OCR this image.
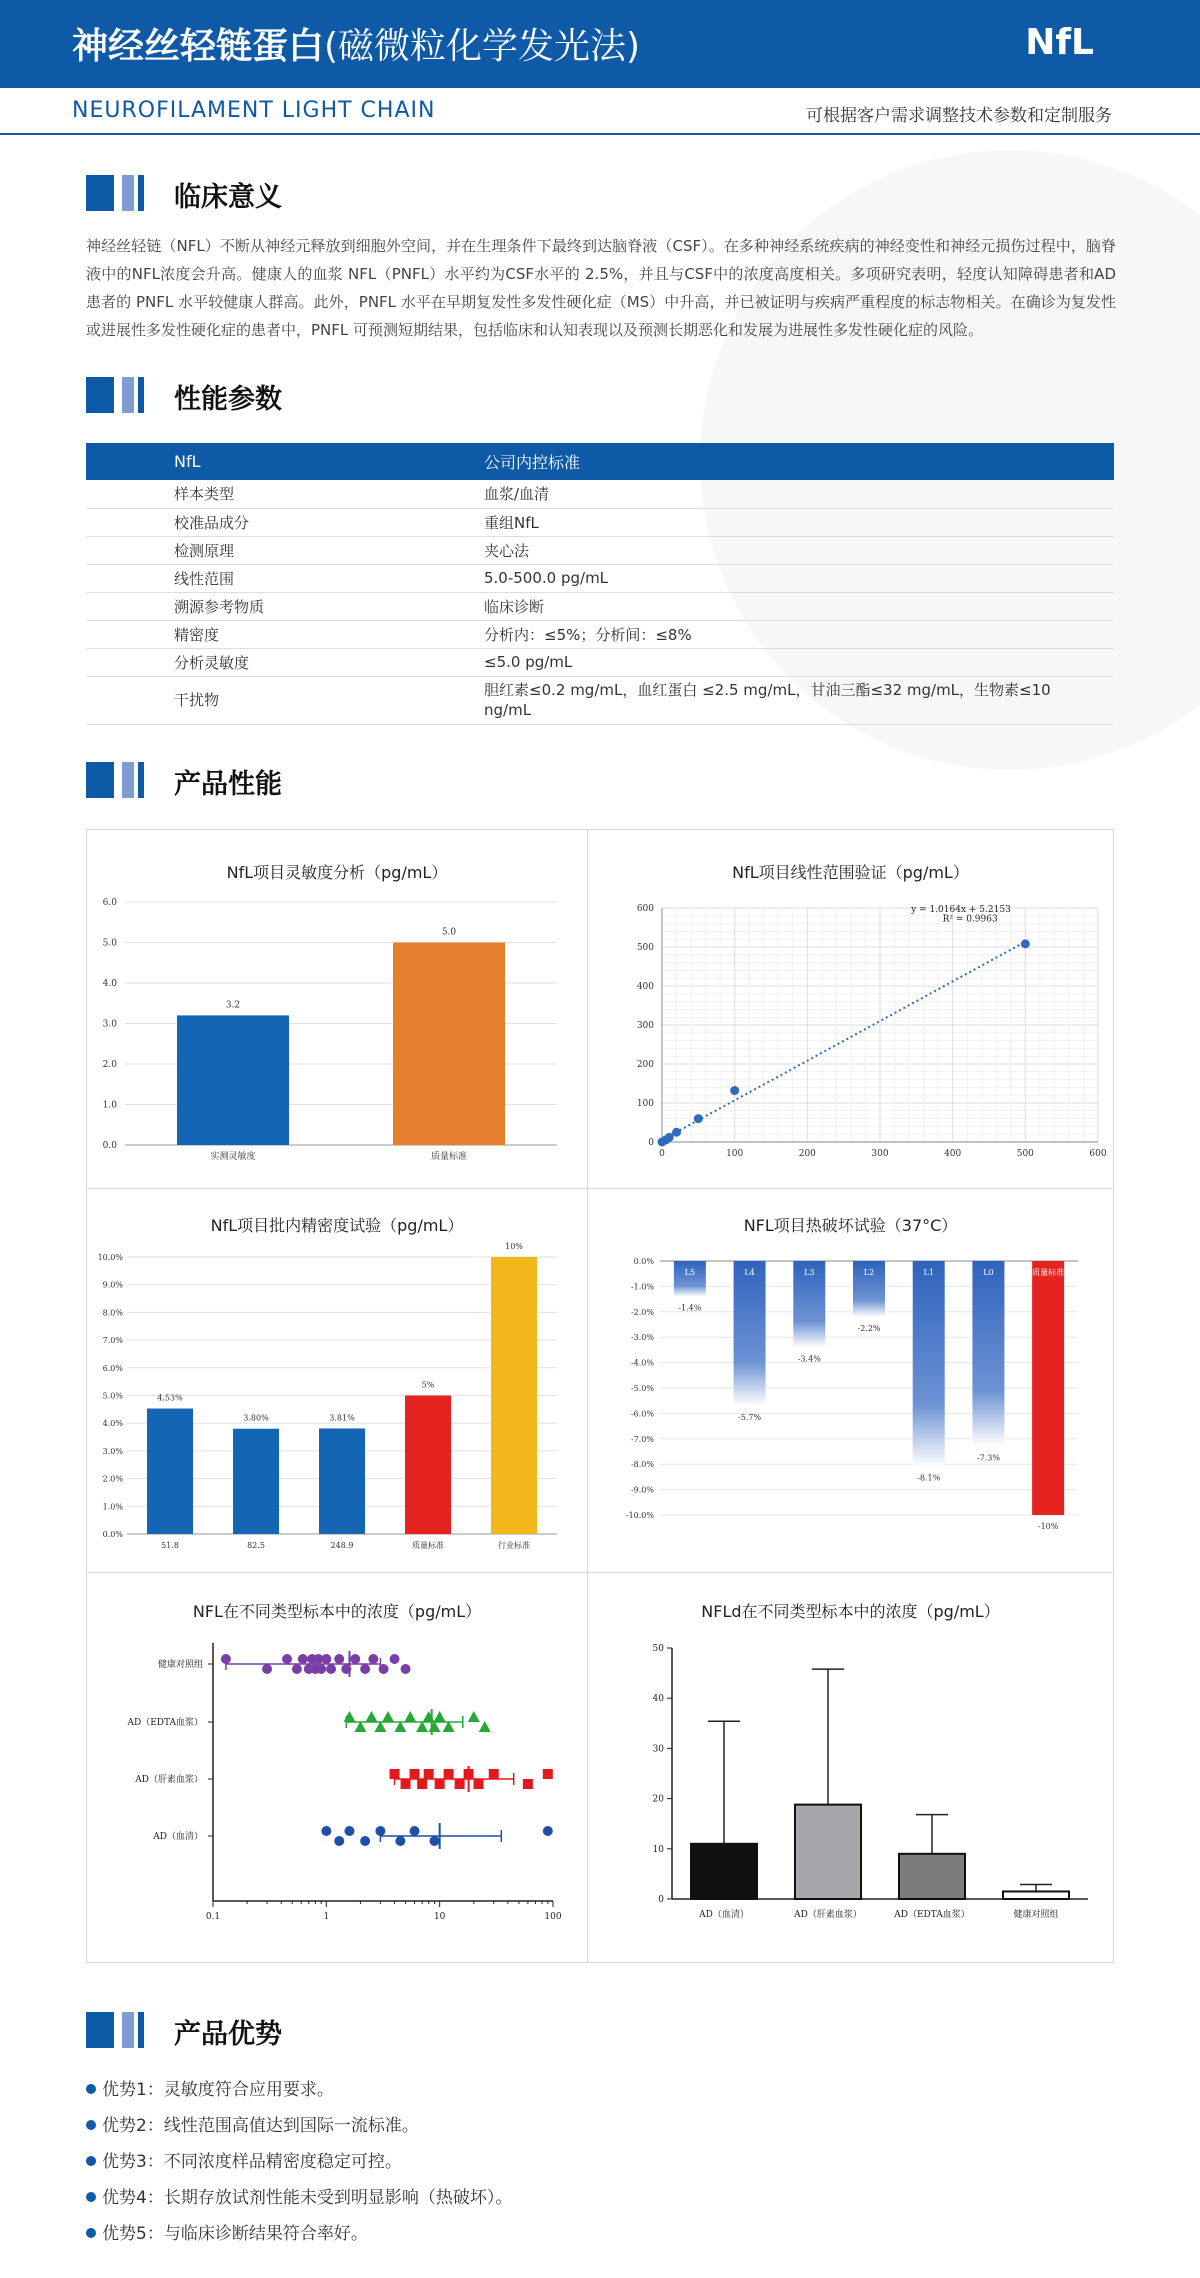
神经丝轻链蛋白(磁微粒化学发光法)	NfL
NEUROFILAMENT LIGHT CHAIN	可根据客户需求调整技术参数和定制服务
临床意义
神经丝轻链（NFL）不断从神经元释放到细胞外空间，并在生理条件下最终到达脑脊液（CSF）。在多种神经系统疾病的神经变性和神经元损伤过程中，脑脊液中的NFL浓度会升高。健康人的血浆 NFL（PNFL）水平约为CSF水平的 2.5%，并且与CSF中的浓度高度相关。多项研究表明，轻度认知障碍患者和AD患者的 PNFL 水平较健康人群高。此外，PNFL 水平在早期复发性多发性硬化症（MS）中升高，并已被证明与疾病严重程度的标志物相关。在确诊为复发性或进展性多发性硬化症的患者中，PNFL 可预测短期结果，包括临床和认知表现以及预测长期恶化和发展为进展性多发性硬化症的风险。
性能参数
NfL	公司内控标准
样本类型	血浆/血清
校准品成分	重组NfL
检测原理	夹心法
线性范围	5.0-500.0 pg/mL
溯源参考物质	临床诊断
精密度	分析内：≤5%；分析间：≤8%
分析灵敏度	≤5.0 pg/mL
干扰物	胆红素≤0.2 mg/mL，血红蛋白 ≤2.5 mg/mL，甘油三酯≤32 mg/mL，生物素≤10 ng/mL
产品性能
NfL项目灵敏度分析（pg/mL）
0.0
1.0
2.0
3.0
4.0
5.0
6.0
3.2
实测灵敏度
5.0
质量标准
NfL项目线性范围验证（pg/mL）
0
100
200
300
400
500
600
0	100	200	300	400	500	600
y = 1.0164x + 5.2153
R² = 0.9963
NfL项目批内精密度试验（pg/mL）
0.0%
1.0%
2.0%
3.0%
4.0%
5.0%
6.0%
7.0%
8.0%
9.0%
10.0%
4.53%
51.8
3.80%
82.5
3.81%
248.9
5%
质量标准
10%
行业标准
NFL项目热破坏试验（37°C）
0.0%
-1.0%
-2.0%
-3.0%
-4.0%
-5.0%
-6.0%
-7.0%
-8.0%
-9.0%
-10.0%
L5
-1.4%
L4
-5.7%
L3
-3.4%
L2
-2.2%
L1
-8.1%
L0
-7.3%
质量标准
-10%
NFL在不同类型标本中的浓度（pg/mL）
0.1	1	10	100
健康对照组
AD（EDTA血浆）
AD（肝素血浆）
AD（血清）
NFLd在不同类型标本中的浓度（pg/mL）
0
10
20
30
40
50
AD（血清）	AD（肝素血浆）	AD（EDTA血浆）	健康对照组
产品优势
优势1：灵敏度符合应用要求。
优势2：线性范围高值达到国际一流标准。
优势3：不同浓度样品精密度稳定可控。
优势4：长期存放试剂性能未受到明显影响（热破坏）。
优势5：与临床诊断结果符合率好。
